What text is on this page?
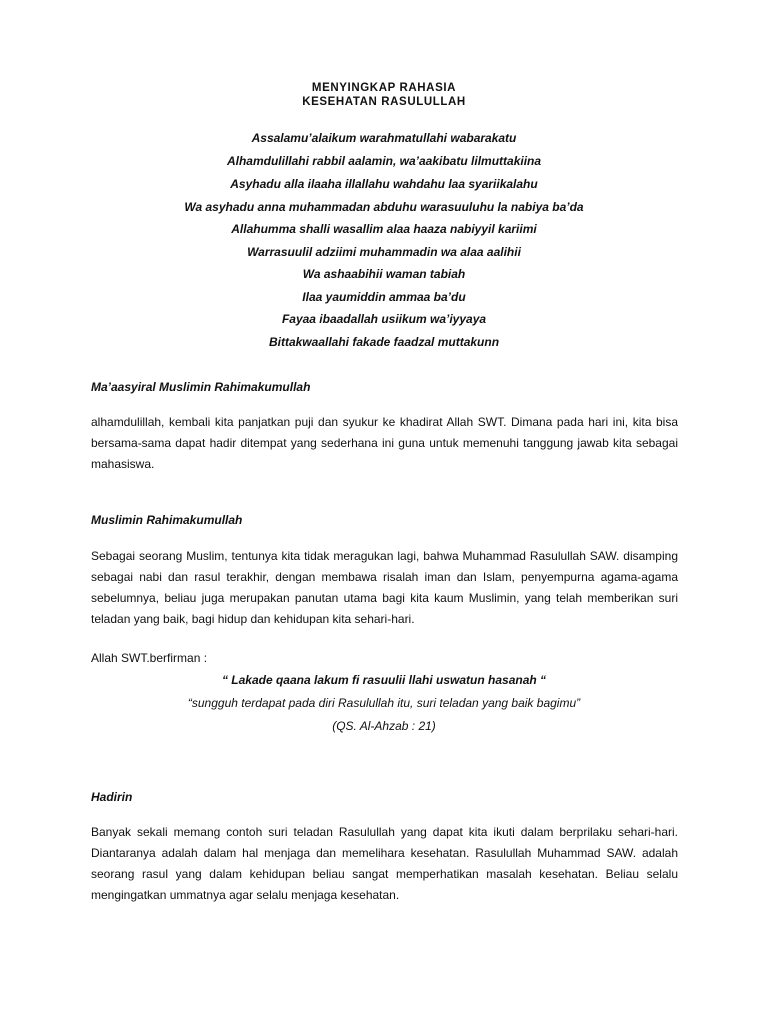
MENYINGKAP RAHASIA
KESEHATAN RASULULLAH
Assalamu’alaikum warahmatullahi wabarakatu
Alhamdulillahi rabbil aalamin, wa’aakibatu lilmuttakiina
Asyhadu alla ilaaha illallahu wahdahu laa syariikalahu
Wa asyhadu anna muhammadan abduhu warasuuluhu la nabiya ba’da
Allahumma shalli wasallim alaa haaza nabiyyil kariimi
Warrasuulil adziimi muhammadin wa alaa aalihii
Wa ashaabihii waman tabiah
Ilaa yaumiddin ammaa ba’du
Fayaa ibaadallah usiikum wa’iyyaya
Bittakwaallahi fakade faadzal muttakunn
Ma’aasyiral Muslimin Rahimakumullah
alhamdulillah, kembali kita panjatkan puji dan syukur ke khadirat Allah SWT. Dimana pada hari ini, kita bisa bersama-sama dapat hadir ditempat yang sederhana ini guna untuk memenuhi tanggung jawab kita sebagai mahasiswa.
Muslimin Rahimakumullah
Sebagai seorang Muslim, tentunya kita tidak meragukan lagi, bahwa Muhammad Rasulullah SAW. disamping sebagai nabi dan rasul terakhir, dengan membawa risalah iman dan Islam, penyempurna agama-agama sebelumnya, beliau juga merupakan panutan utama bagi kita kaum Muslimin, yang telah memberikan suri teladan yang baik, bagi hidup dan kehidupan kita sehari-hari.
Allah SWT.berfirman :
“ Lakade qaana lakum fi rasuulii llahi uswatun hasanah “
“sungguh terdapat pada diri Rasulullah itu, suri teladan yang baik bagimu”
(QS. Al-Ahzab : 21)
Hadirin
Banyak sekali memang contoh suri teladan Rasulullah yang dapat kita ikuti dalam berprilaku sehari-hari. Diantaranya adalah dalam hal menjaga dan memelihara kesehatan. Rasulullah Muhammad SAW. adalah seorang rasul yang dalam kehidupan beliau sangat memperhatikan masalah kesehatan. Beliau selalu mengingatkan ummatnya agar selalu menjaga kesehatan.
